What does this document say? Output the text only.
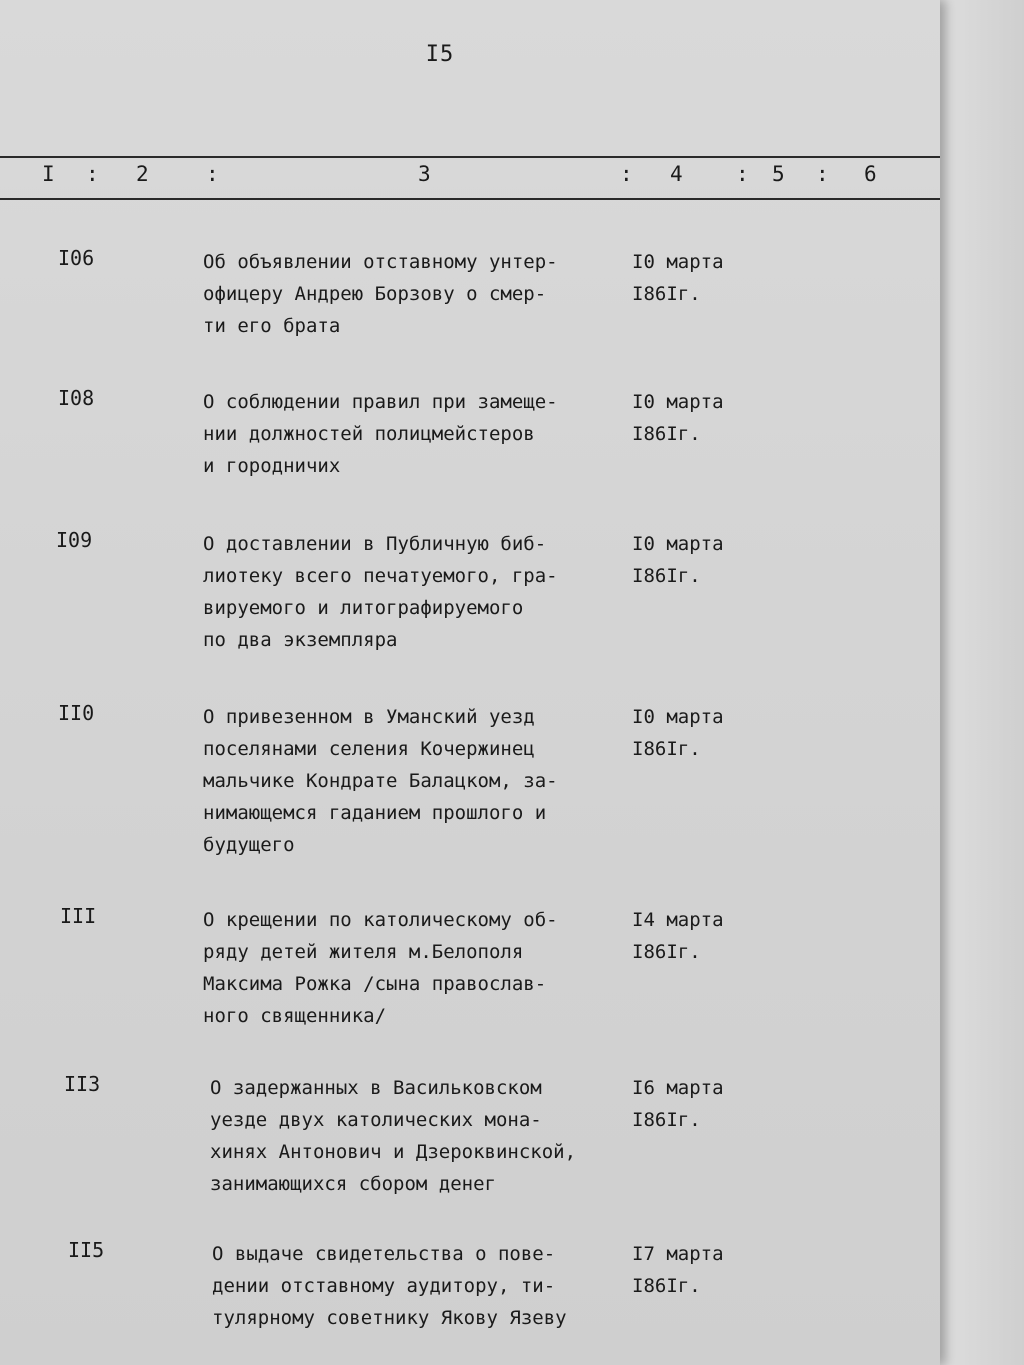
I5
I : 2	:	3	: 4	: 5 : 6
I06	Об объявлении отставному унтер-
офицеру Андрею Борзову о смер-
ти его брата
I0 марта
I86Iг.
I08	О соблюдении правил при замеще-
нии должностей полицмейстеров
и городничих
I0 марта
I86Iг.
I09	О доставлении в Публичную биб-
лиотеку всего печатуемого, гра-
вируемого и литографируемого
по два экземпляра
I0 марта
I86Iг.
II0	О привезенном в Уманский уезд
поселянами селения Кочержинец
мальчике Кондрате Балацком, за-
нимающемся гаданием прошлого и
будущего
I0 марта
I86Iг.
III	О крещении по католическому об-
ряду детей жителя м.Белополя
Максима Рожка /сына православ-
ного священника/
I4 марта
I86Iг.
II3	О задержанных в Васильковском
уезде двух католических мона-
хинях Антонович и Дзероквинской,
занимающихся сбором денег
I6 марта
I86Iг.
II5	О выдаче свидетельства о пове-
дении отставному аудитору, ти-
тулярному советнику Якову Язеву
I7 марта
I86Iг.
